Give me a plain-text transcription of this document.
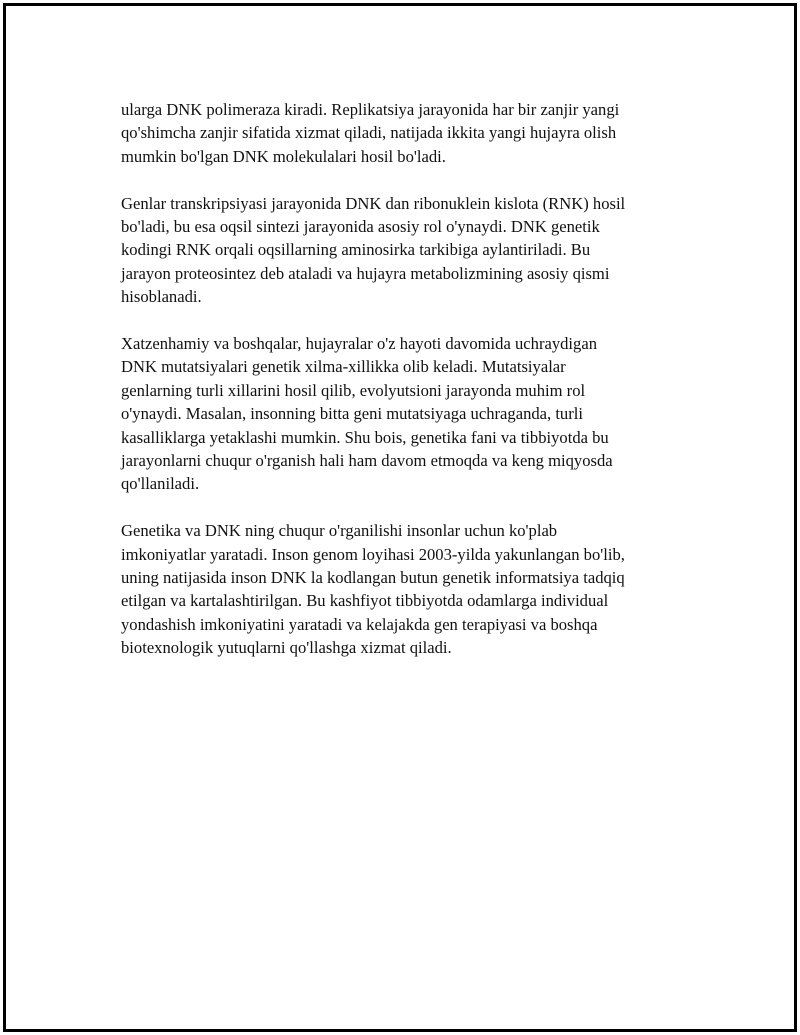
ularga DNK polimeraza kiradi. Replikatsiya jarayonida har bir zanjir yangi
qo'shimcha zanjir sifatida xizmat qiladi, natijada ikkita yangi hujayra olish
mumkin bo'lgan DNK molekulalari hosil bo'ladi.

Genlar transkripsiyasi jarayonida DNK dan ribonuklein kislota (RNK) hosil
bo'ladi, bu esa oqsil sintezi jarayonida asosiy rol o'ynaydi. DNK genetik
kodingi RNK orqali oqsillarning aminosirka tarkibiga aylantiriladi. Bu
jarayon proteosintez deb ataladi va hujayra metabolizmining asosiy qismi
hisoblanadi.

Xatzenhamiy va boshqalar, hujayralar o'z hayoti davomida uchraydigan
DNK mutatsiyalari genetik xilma-xillikka olib keladi. Mutatsiyalar
genlarning turli xillarini hosil qilib, evolyutsioni jarayonda muhim rol
o'ynaydi. Masalan, insonning bitta geni mutatsiyaga uchraganda, turli
kasalliklarga yetaklashi mumkin. Shu bois, genetika fani va tibbiyotda bu
jarayonlarni chuqur o'rganish hali ham davom etmoqda va keng miqyosda
qo'llaniladi.

Genetika va DNK ning chuqur o'rganilishi insonlar uchun ko'plab
imkoniyatlar yaratadi. Inson genom loyihasi 2003-yilda yakunlangan bo'lib,
uning natijasida inson DNK la kodlangan butun genetik informatsiya tadqiq
etilgan va kartalashtirilgan. Bu kashfiyot tibbiyotda odamlarga individual
yondashish imkoniyatini yaratadi va kelajakda gen terapiyasi va boshqa
biotexnologik yutuqlarni qo'llashga xizmat qiladi.
